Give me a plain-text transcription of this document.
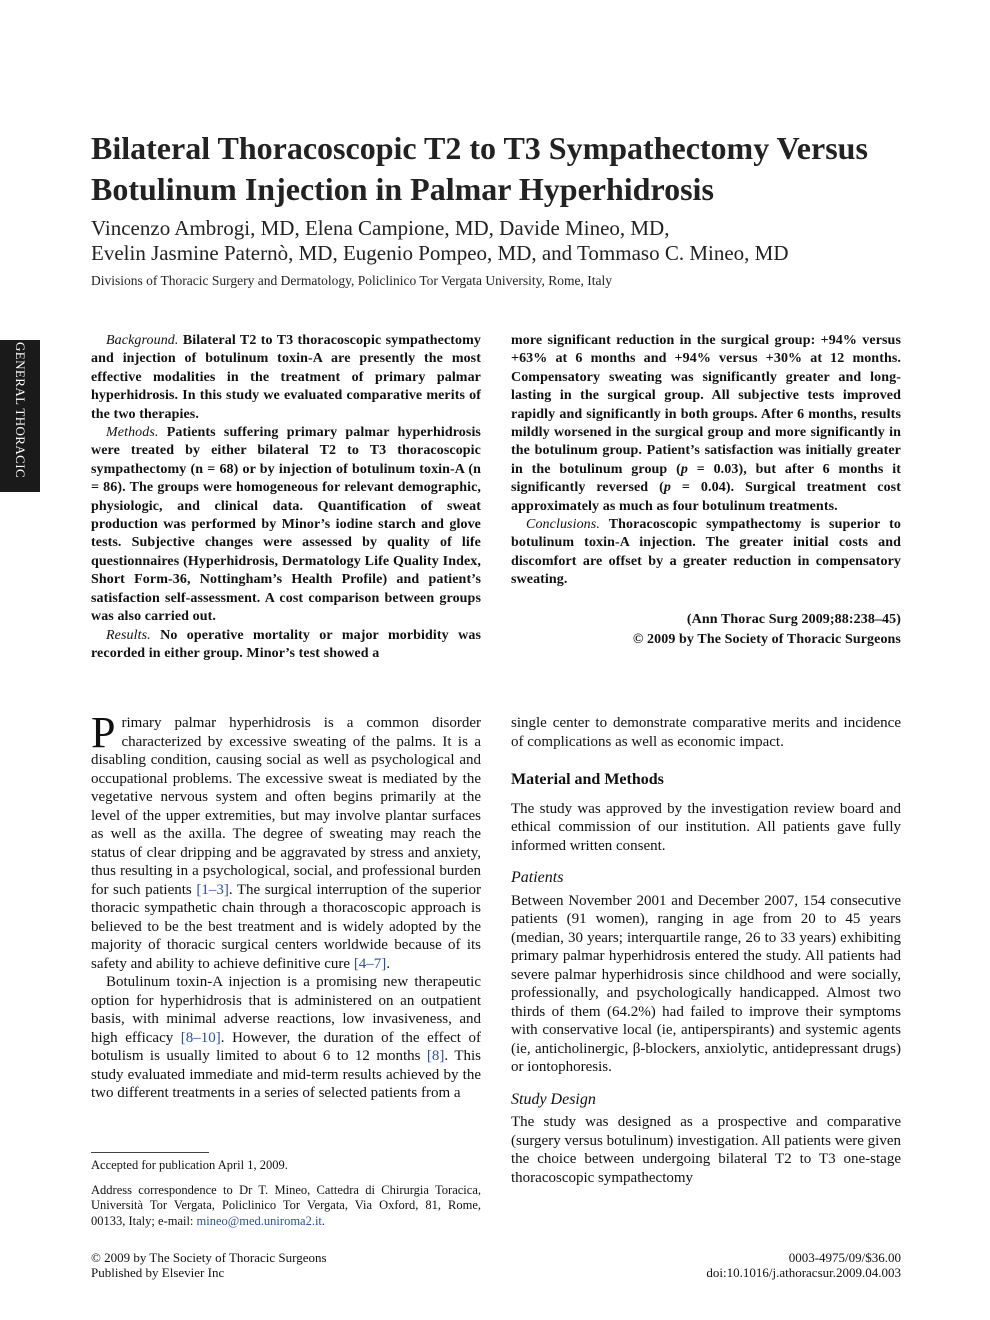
GENERAL THORACIC
Bilateral Thoracoscopic T2 to T3 Sympathectomy Versus Botulinum Injection in Palmar Hyperhidrosis
Vincenzo Ambrogi, MD, Elena Campione, MD, Davide Mineo, MD,
Evelin Jasmine Paternò, MD, Eugenio Pompeo, MD, and Tommaso C. Mineo, MD
Divisions of Thoracic Surgery and Dermatology, Policlinico Tor Vergata University, Rome, Italy

Background. Bilateral T2 to T3 thoracoscopic sympathectomy and injection of botulinum toxin-A are presently the most effective modalities in the treatment of primary palmar hyperhidrosis. In this study we evaluated comparative merits of the two therapies.

Methods. Patients suffering primary palmar hyperhidrosis were treated by either bilateral T2 to T3 thoracoscopic sympathectomy (n = 68) or by injection of botulinum toxin-A (n = 86). The groups were homogeneous for relevant demographic, physiologic, and clinical data. Quantification of sweat production was performed by Minor’s iodine starch and glove tests. Subjective changes were assessed by quality of life questionnaires (Hyperhidrosis, Dermatology Life Quality Index, Short Form-36, Nottingham’s Health Profile) and patient’s satisfaction self-assessment. A cost comparison between groups was also carried out.

Results. No operative mortality or major morbidity was recorded in either group. Minor’s test showed a

more significant reduction in the surgical group: +94% versus +63% at 6 months and +94% versus +30% at 12 months. Compensatory sweating was significantly greater and long-lasting in the surgical group. All subjective tests improved rapidly and significantly in both groups. After 6 months, results mildly worsened in the surgical group and more significantly in the botulinum group. Patient’s satisfaction was initially greater in the botulinum group (p = 0.03), but after 6 months it significantly reversed (p = 0.04). Surgical treatment cost approximately as much as four botulinum treatments.

Conclusions. Thoracoscopic sympathectomy is superior to botulinum toxin-A injection. The greater initial costs and discomfort are offset by a greater reduction in compensatory sweating.

(Ann Thorac Surg 2009;88:238–45)
© 2009 by The Society of Thoracic Surgeons

Primary palmar hyperhidrosis is a common disorder characterized by excessive sweating of the palms. It is a disabling condition, causing social as well as psychological and occupational problems. The excessive sweat is mediated by the vegetative nervous system and often begins primarily at the level of the upper extremities, but may involve plantar surfaces as well as the axilla. The degree of sweating may reach the status of clear dripping and be aggravated by stress and anxiety, thus resulting in a psychological, social, and professional burden for such patients [1–3]. The surgical interruption of the superior thoracic sympathetic chain through a thoracoscopic approach is believed to be the best treatment and is widely adopted by the majority of thoracic surgical centers worldwide because of its safety and ability to achieve definitive cure [4–7].

Botulinum toxin-A injection is a promising new therapeutic option for hyperhidrosis that is administered on an outpatient basis, with minimal adverse reactions, low invasiveness, and high efficacy [8–10]. However, the duration of the effect of botulism is usually limited to about 6 to 12 months [8]. This study evaluated immediate and mid-term results achieved by the two different treatments in a series of selected patients from a

single center to demonstrate comparative merits and incidence of complications as well as economic impact.

Material and Methods

The study was approved by the investigation review board and ethical commission of our institution. All patients gave fully informed written consent.

Patients

Between November 2001 and December 2007, 154 consecutive patients (91 women), ranging in age from 20 to 45 years (median, 30 years; interquartile range, 26 to 33 years) exhibiting primary palmar hyperhidrosis entered the study. All patients had severe palmar hyperhidrosis since childhood and were socially, professionally, and psychologically handicapped. Almost two thirds of them (64.2%) had failed to improve their symptoms with conservative local (ie, antiperspirants) and systemic agents (ie, anticholinergic, β-blockers, anxiolytic, antidepressant drugs) or iontophoresis.

Study Design

The study was designed as a prospective and comparative (surgery versus botulinum) investigation. All patients were given the choice between undergoing bilateral T2 to T3 one-stage thoracoscopic sympathectomy

Accepted for publication April 1, 2009.

Address correspondence to Dr T. Mineo, Cattedra di Chirurgia Toracica, Università Tor Vergata, Policlinico Tor Vergata, Via Oxford, 81, Rome, 00133, Italy; e-mail: mineo@med.uniroma2.it.

© 2009 by The Society of Thoracic Surgeons
Published by Elsevier Inc
0003-4975/09/$36.00
doi:10.1016/j.athoracsur.2009.04.003
